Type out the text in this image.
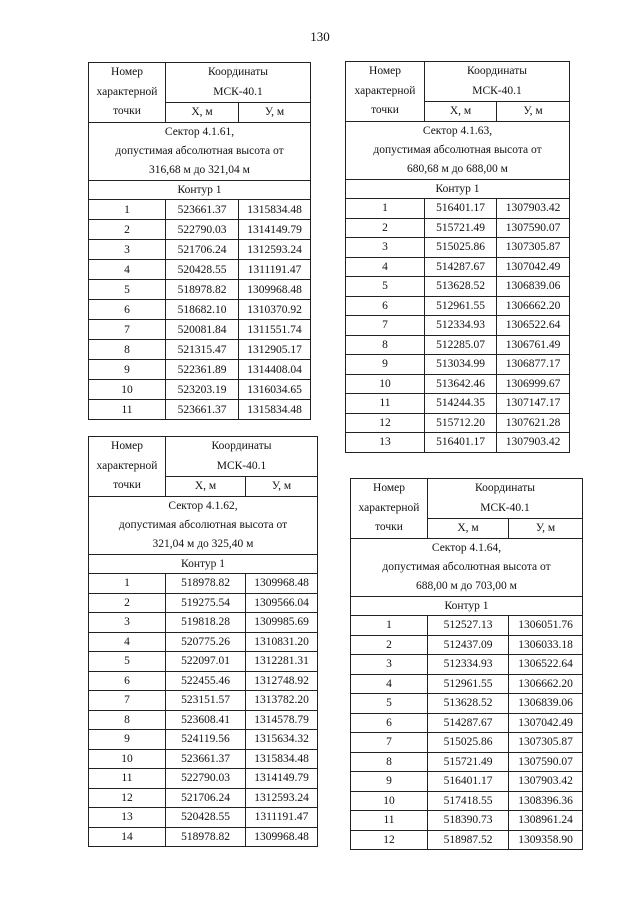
130
Номер
характерной
точки	Координаты	
	МСК-40.1	
	Х, м	У, м

Сектор 4.1.61,
допустимая абсолютная высота от
316,68 м до 321,04 м		

Контур 1		
1	523661.37	1315834.48
2	522790.03	1314149.79
3	521706.24	1312593.24
4	520428.55	1311191.47
5	518978.82	1309968.48
6	518682.10	1310370.92
7	520081.84	1311551.74
8	521315.47	1312905.17
9	522361.89	1314408.04
10	523203.19	1316034.65
11	523661.37	1315834.48
Номер
характерной
точки	Координаты	
	МСК-40.1	
	Х, м	У, м

Сектор 4.1.62,
допустимая абсолютная высота от
321,04 м до 325,40 м		

Контур 1		
1	518978.82	1309968.48
2	519275.54	1309566.04
3	519818.28	1309985.69
4	520775.26	1310831.20
5	522097.01	1312281.31
6	522455.46	1312748.92
7	523151.57	1313782.20
8	523608.41	1314578.79
9	524119.56	1315634.32
10	523661.37	1315834.48
11	522790.03	1314149.79
12	521706.24	1312593.24
13	520428.55	1311191.47
14	518978.82	1309968.48
Номер
характерной
точки	Координаты	
	МСК-40.1	
	Х, м	У, м

Сектор 4.1.63,
допустимая абсолютная высота от
680,68 м до 688,00 м		

Контур 1		
1	516401.17	1307903.42
2	515721.49	1307590.07
3	515025.86	1307305.87
4	514287.67	1307042.49
5	513628.52	1306839.06
6	512961.55	1306662.20
7	512334.93	1306522.64
8	512285.07	1306761.49
9	513034.99	1306877.17
10	513642.46	1306999.67
11	514244.35	1307147.17
12	515712.20	1307621.28
13	516401.17	1307903.42
Номер
характерной
точки	Координаты	
	МСК-40.1	
	Х, м	У, м

Сектор 4.1.64,
допустимая абсолютная высота от
688,00 м до 703,00 м		

Контур 1		
1	512527.13	1306051.76
2	512437.09	1306033.18
3	512334.93	1306522.64
4	512961.55	1306662.20
5	513628.52	1306839.06
6	514287.67	1307042.49
7	515025.86	1307305.87
8	515721.49	1307590.07
9	516401.17	1307903.42
10	517418.55	1308396.36
11	518390.73	1308961.24
12	518987.52	1309358.90
